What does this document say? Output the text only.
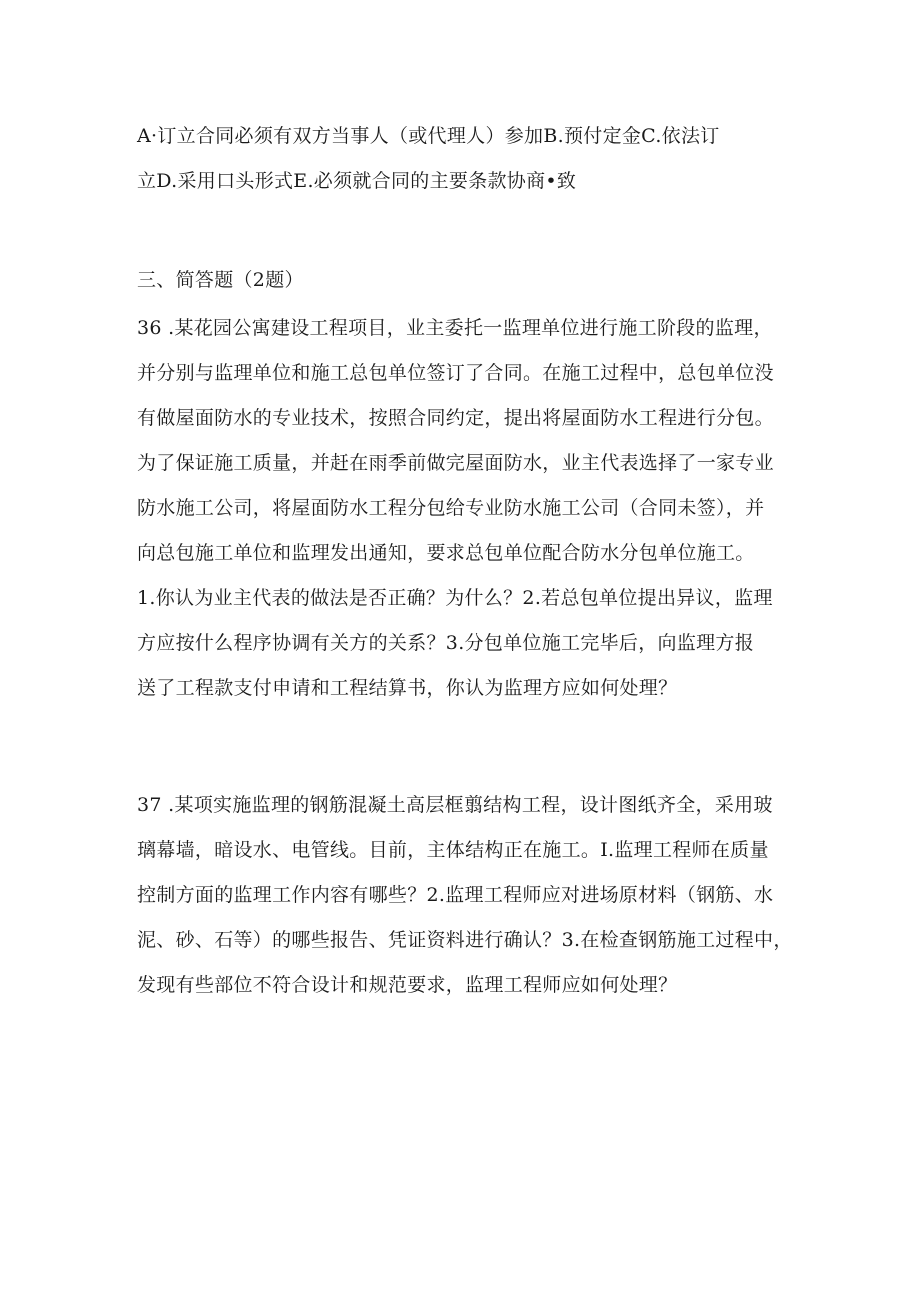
A·订立合同必须有双方当事人（或代理人）参加B.预付定金C.依法订
立D.采用口头形式E.必须就合同的主要条款协商•致
三、简答题（2题）
36 .某花园公寓建设工程项目，业主委托一监理单位进行施工阶段的监理，
并分别与监理单位和施工总包单位签订了合同。在施工过程中，总包单位没
有做屋面防水的专业技术，按照合同约定，提出将屋面防水工程进行分包。
为了保证施工质量，并赶在雨季前做完屋面防水，业主代表选择了一家专业
防水施工公司，将屋面防水工程分包给专业防水施工公司（合同未签），并
向总包施工单位和监理发出通知，要求总包单位配合防水分包单位施工。
1.你认为业主代表的做法是否正确？为什么？2.若总包单位提出异议，监理
方应按什么程序协调有关方的关系？3.分包单位施工完毕后，向监理方报
送了工程款支付申请和工程结算书，你认为监理方应如何处理？
37 .某项实施监理的钢筋混凝土高层框翦结构工程，设计图纸齐全，采用玻
璃幕墙，暗设水、电管线。目前，主体结构正在施工。I.监理工程师在质量
控制方面的监理工作内容有哪些？2.监理工程师应对进场原材料（钢筋、水
泥、砂、石等）的哪些报告、凭证资料进行确认？3.在检查钢筋施工过程中，
发现有些部位不符合设计和规范要求，监理工程师应如何处理？
